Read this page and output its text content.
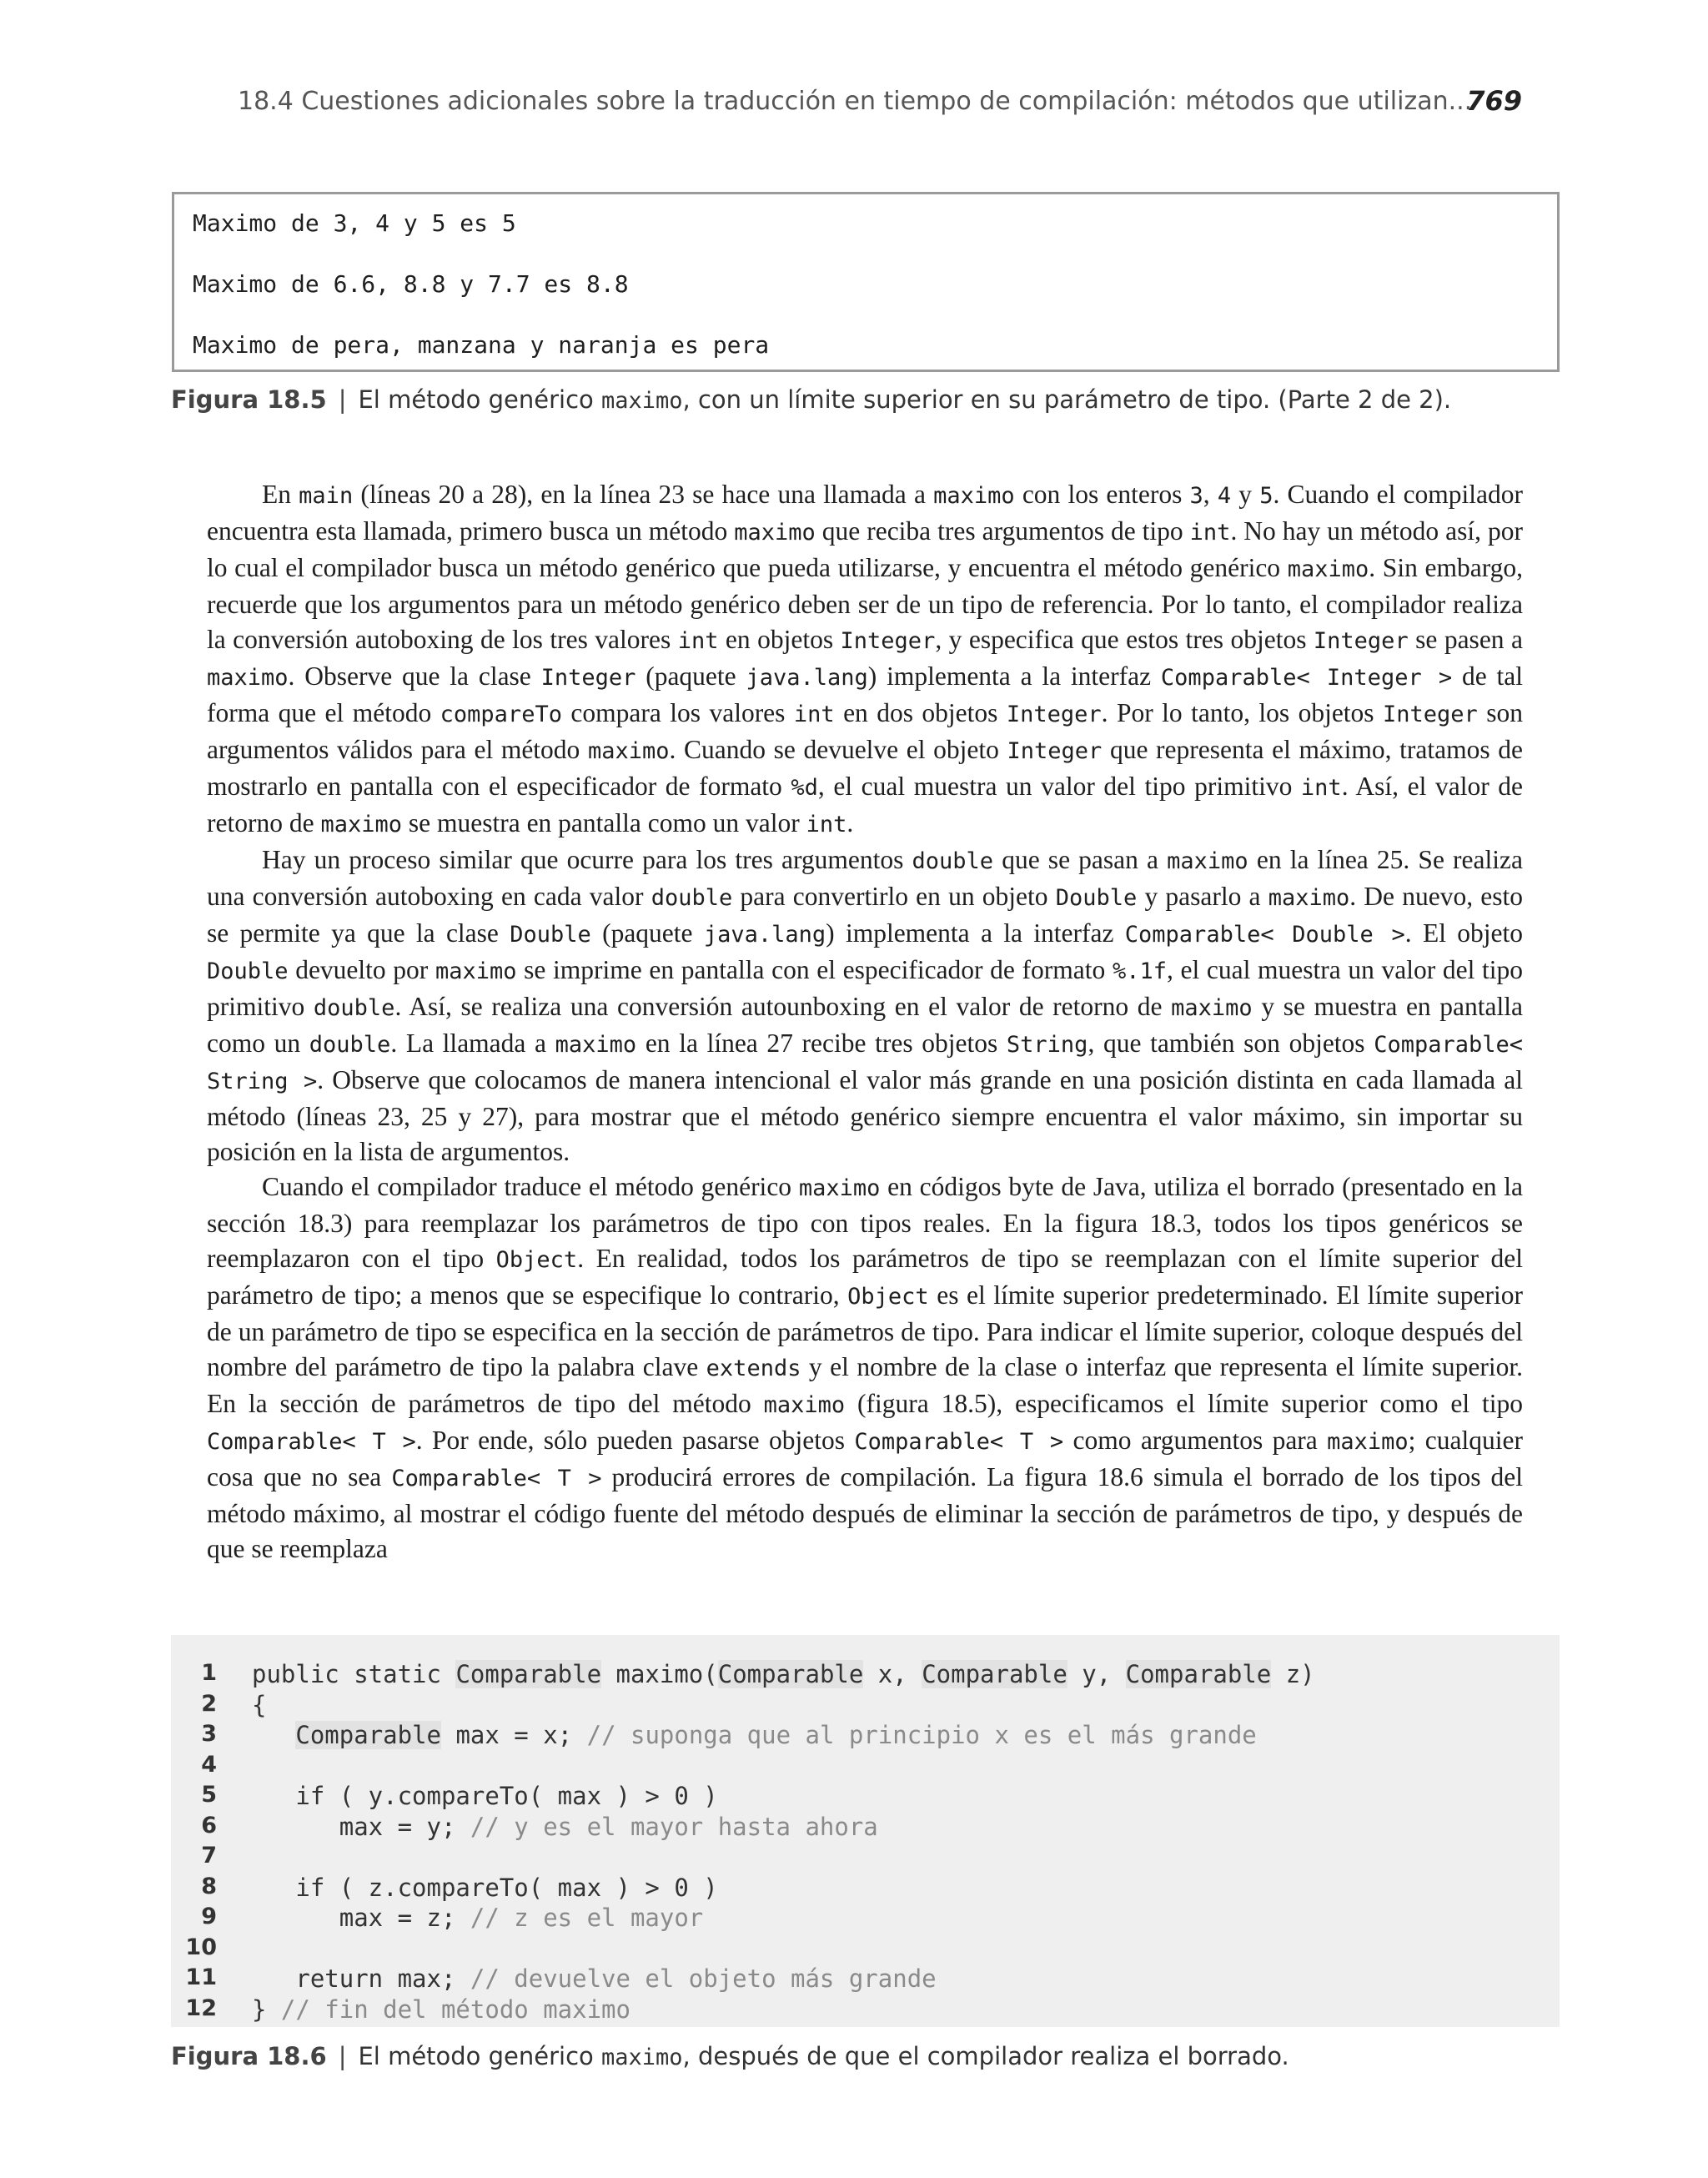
18.4 Cuestiones adicionales sobre la traducción en tiempo de compilación: métodos que utilizan...
769
Maximo de 3, 4 y 5 es 5
Maximo de 6.6, 8.8 y 7.7 es 8.8
Maximo de pera, manzana y naranja es pera
Figura 18.5 | El método genérico maximo, con un límite superior en su parámetro de tipo. (Parte 2 de 2).

En main (líneas 20 a 28), en la línea 23 se hace una llamada a maximo con los enteros 3, 4 y 5. Cuando el compilador encuentra esta llamada, primero busca un método maximo que reciba tres argumentos de tipo int. No hay un método así, por lo cual el compilador busca un método genérico que pueda utilizarse, y encuentra el método genérico maximo. Sin embargo, recuerde que los argumentos para un método genérico deben ser de un tipo de referencia. Por lo tanto, el compilador realiza la conversión autoboxing de los tres valores int en objetos Integer, y especifica que estos tres objetos Integer se pasen a maximo. Observe que la clase Integer (paquete java.lang) implementa a la interfaz Comparable< Integer > de tal forma que el método compareTo compara los valores int en dos objetos Integer. Por lo tanto, los objetos Integer son argumentos válidos para el método maximo. Cuando se devuelve el objeto Integer que representa el máximo, tratamos de mostrarlo en pantalla con el especificador de formato %d, el cual muestra un valor del tipo primitivo int. Así, el valor de retorno de maximo se muestra en pantalla como un valor int.

Hay un proceso similar que ocurre para los tres argumentos double que se pasan a maximo en la línea 25. Se realiza una conversión autoboxing en cada valor double para convertirlo en un objeto Double y pasarlo a maximo. De nuevo, esto se permite ya que la clase Double (paquete java.lang) implementa a la interfaz Comparable< Double >. El objeto Double devuelto por maximo se imprime en pantalla con el especificador de formato %.1f, el cual muestra un valor del tipo primitivo double. Así, se realiza una conversión autounboxing en el valor de retorno de maximo y se muestra en pantalla como un double. La llamada a maximo en la línea 27 recibe tres objetos String, que también son objetos Comparable< String >. Observe que colocamos de manera intencional el valor más grande en una posición distinta en cada llamada al método (líneas 23, 25 y 27), para mostrar que el método genérico siempre encuentra el valor máximo, sin importar su posición en la lista de argumentos.

Cuando el compilador traduce el método genérico maximo en códigos byte de Java, utiliza el borrado (presentado en la sección 18.3) para reemplazar los parámetros de tipo con tipos reales. En la figura 18.3, todos los tipos genéricos se reemplazaron con el tipo Object. En realidad, todos los parámetros de tipo se reemplazan con el límite superior del parámetro de tipo; a menos que se especifique lo contrario, Object es el límite superior predeterminado. El límite superior de un parámetro de tipo se especifica en la sección de parámetros de tipo. Para indicar el límite superior, coloque después del nombre del parámetro de tipo la palabra clave extends y el nombre de la clase o interfaz que representa el límite superior. En la sección de parámetros de tipo del método maximo (figura 18.5), especificamos el límite superior como el tipo Comparable< T >. Por ende, sólo pueden pasarse objetos Comparable< T > como argumentos para maximo; cualquier cosa que no sea Comparable< T > producirá errores de compilación. La figura 18.6 simula el borrado de los tipos del método máximo, al mostrar el código fuente del método después de eliminar la sección de parámetros de tipo, y después de que se reemplaza

1 public static Comparable maximo(Comparable x, Comparable y, Comparable z)
2 {
3	Comparable max = x; // suponga que al principio x es el más grande
4
5 if ( y.compareTo( max ) > 0 )
6 max = y; // y es el mayor hasta ahora
7
8 if ( z.compareTo( max ) > 0 )
9 max = z; // z es el mayor
10
11 return max; // devuelve el objeto más grande
12 } // fin del método maximo
Figura 18.6 | El método genérico maximo, después de que el compilador realiza el borrado.
